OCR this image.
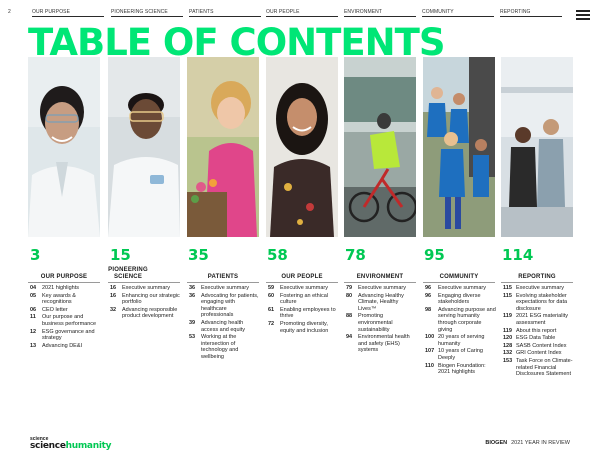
2	OUR PURPOSE	PIONEERING SCIENCE	PATIENTS	OUR PEOPLE	ENVIRONMENT	COMMUNITY	REPORTING
TABLE OF CONTENTS
3	15	35	58	78	95	114
OUR PURPOSE
PIONEERING SCIENCE	PATIENTS	OUR PEOPLE	ENVIRONMENT	COMMUNITY	REPORTING
04	2021 highlights
05	Key awards & recognitions
06	CEO letter
11	Our purpose and business performance
12	ESG governance and strategy
13	Advancing DE&I
16	Executive summary
16	Enhancing our strategic portfolio
32	Advancing responsible product development
36	Executive summary
36	Advocating for patients, engaging with healthcare professionals
39	Advancing health access and equity
53	Working at the intersection of technology and wellbeing
59	Executive summary
60	Fostering an ethical culture
61	Enabling employees to thrive
72	Promoting diversity, equity and inclusion
79	Executive summary
80	Advancing Healthy Climate, Healthy Lives™
88	Promoting environmental sustainability
94	Environmental health and safety (EHS) systems
96	Executive summary
96	Engaging diverse stakeholders
98	Advancing purpose and serving humanity through corporate giving
100 20 years of serving humanity
107 10 years of Caring Deeply
110 Biogen Foundation: 2021 highlights
115 Executive summary
115 Evolving stakeholder expectations for data disclosure
119 2021 ESG materiality assessment
119 About this report
120 ESG Data Table
128 SASB Content Index
132 GRI Content Index
153 Task Force on Climate-related Financial Disclosures Statement
science
sciencehumanity	BIOGEN 2021 YEAR IN REVIEW
